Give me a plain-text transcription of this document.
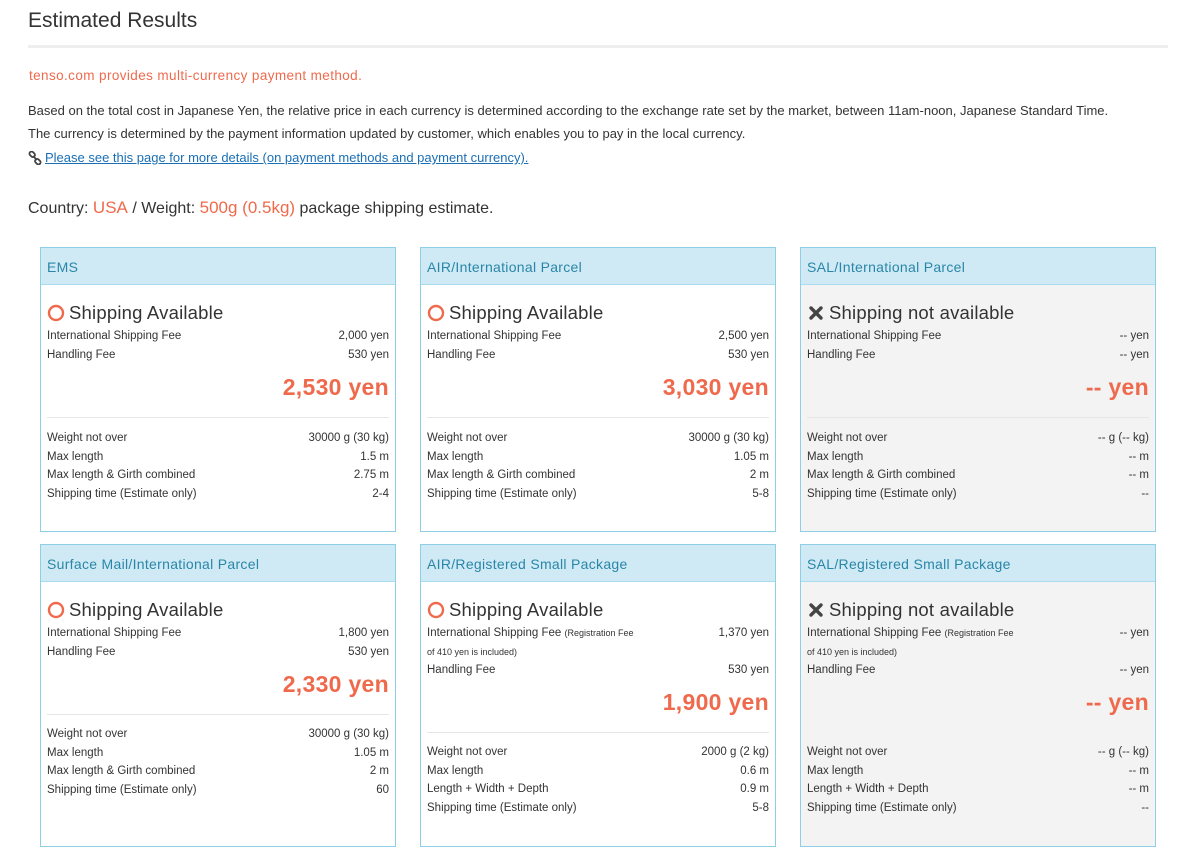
Estimated Results
tenso.com provides multi-currency payment method.
Based on the total cost in Japanese Yen, the relative price in each currency is determined according to the exchange rate set by the market, between 11am-noon, Japanese Standard Time.
The currency is determined by the payment information updated by customer, which enables you to pay in the local currency.
Please see this page for more details (on payment methods and payment currency).
Country: USA / Weight: 500g (0.5kg) package shipping estimate.
EMS
Shipping Available
International Shipping Fee	2,000 yen
Handling Fee	530 yen
2,530 yen
Weight not over	30000 g (30 kg)
Max length	1.5 m
Max length & Girth combined	2.75 m
Shipping time (Estimate only)	2-4
AIR/International Parcel
Shipping Available
International Shipping Fee	2,500 yen
Handling Fee	530 yen
3,030 yen
Weight not over	30000 g (30 kg)
Max length	1.05 m
Max length & Girth combined	2 m
Shipping time (Estimate only)	5-8
SAL/International Parcel
Shipping not available
International Shipping Fee	-- yen
Handling Fee	-- yen
-- yen
Weight not over	-- g (-- kg)
Max length	-- m
Max length & Girth combined	-- m
Shipping time (Estimate only)	--
Surface Mail/International Parcel
Shipping Available
International Shipping Fee	1,800 yen
Handling Fee	530 yen
2,330 yen
Weight not over	30000 g (30 kg)
Max length	1.05 m
Max length & Girth combined	2 m
Shipping time (Estimate only)	60
AIR/Registered Small Package
Shipping Available
International Shipping Fee (Registration Fee	1,370 yen
of 410 yen is included)
Handling Fee	530 yen
1,900 yen
Weight not over	2000 g (2 kg)
Max length	0.6 m
Length + Width + Depth	0.9 m
Shipping time (Estimate only)	5-8
SAL/Registered Small Package
Shipping not available
International Shipping Fee (Registration Fee	-- yen
of 410 yen is included)
Handling Fee	-- yen
-- yen
Weight not over	-- g (-- kg)
Max length	-- m
Length + Width + Depth	-- m
Shipping time (Estimate only)	--
